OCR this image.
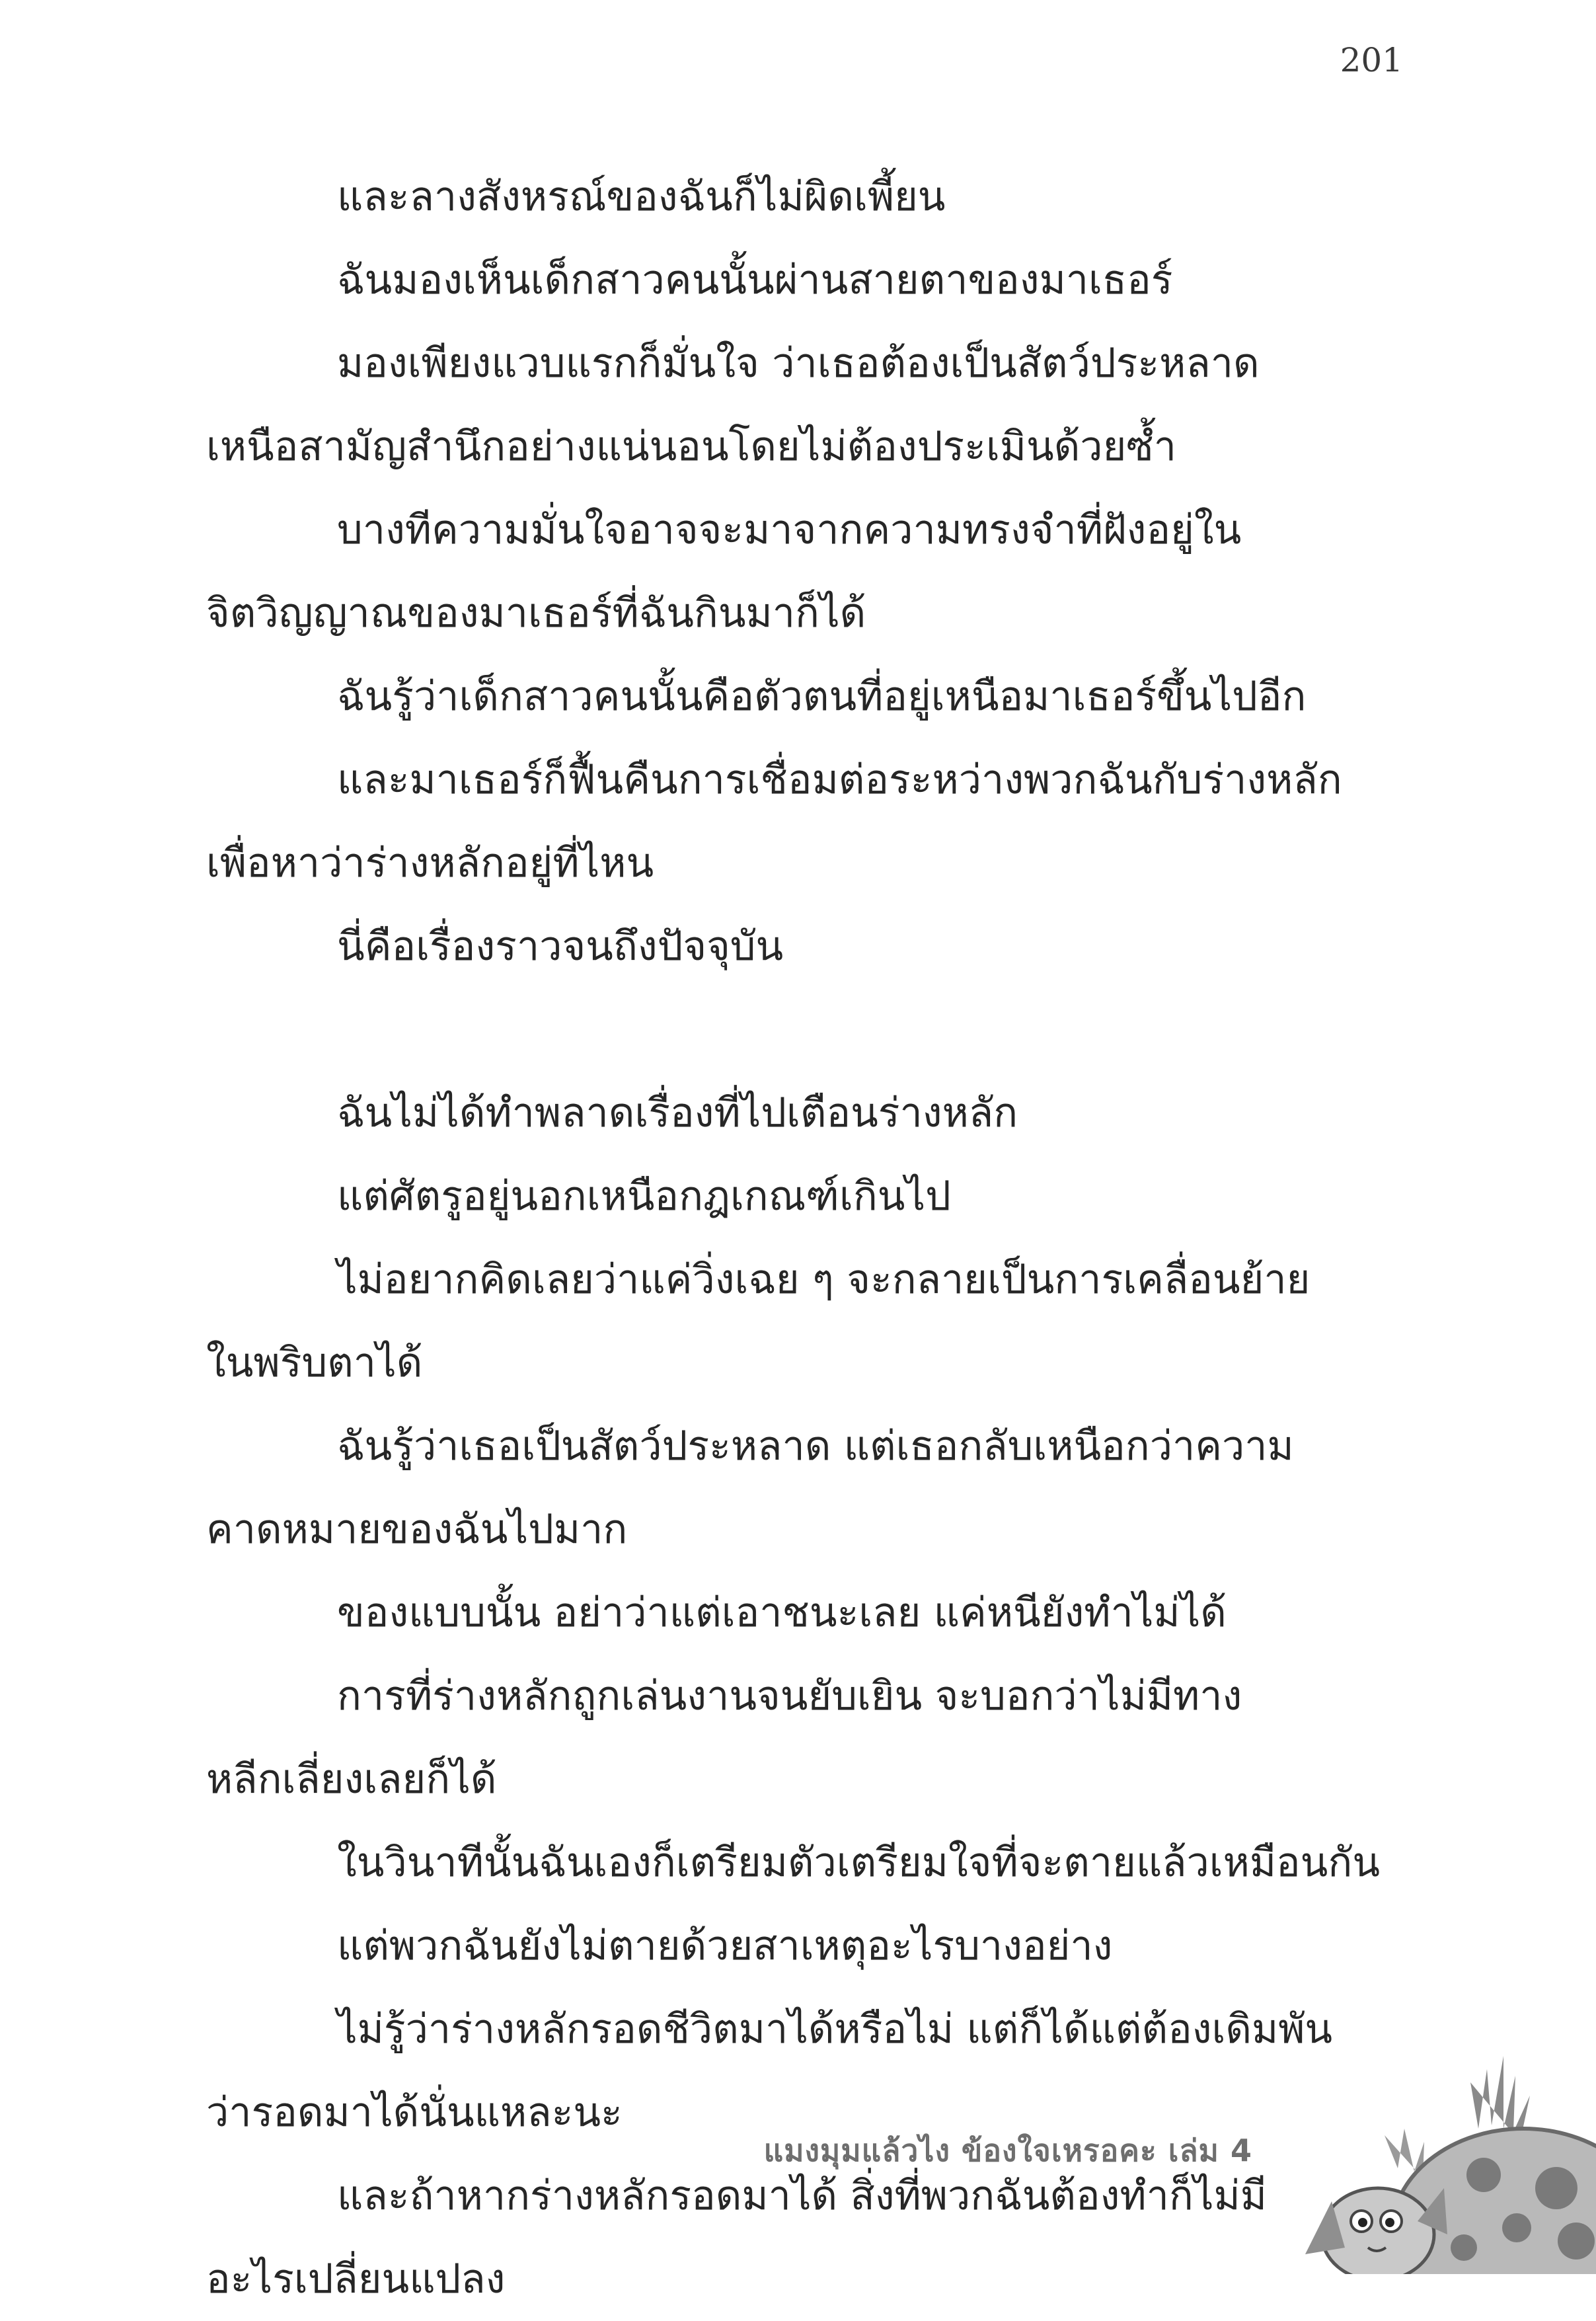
201
และลางสังหรณ์ของฉันก็ไม่ผิดเพี้ยน
ฉันมองเห็นเด็กสาวคนนั้นผ่านสายตาของมาเธอร์
มองเพียงแวบแรกก็มั่นใจ ว่าเธอต้องเป็นสัตว์ประหลาด
เหนือสามัญสำนึกอย่างแน่นอนโดยไม่ต้องประเมินด้วยซ้ำ
บางทีความมั่นใจอาจจะมาจากความทรงจำที่ฝังอยู่ใน
จิตวิญญาณของมาเธอร์ที่ฉันกินมาก็ได้
ฉันรู้ว่าเด็กสาวคนนั้นคือตัวตนที่อยู่เหนือมาเธอร์ขึ้นไปอีก
และมาเธอร์ก็ฟื้นคืนการเชื่อมต่อระหว่างพวกฉันกับร่างหลัก
เพื่อหาว่าร่างหลักอยู่ที่ไหน
นี่คือเรื่องราวจนถึงปัจจุบัน
ฉันไม่ได้ทำพลาดเรื่องที่ไปเตือนร่างหลัก
แต่ศัตรูอยู่นอกเหนือกฎเกณฑ์เกินไป
ไม่อยากคิดเลยว่าแค่วิ่งเฉย ๆ จะกลายเป็นการเคลื่อนย้าย
ในพริบตาได้
ฉันรู้ว่าเธอเป็นสัตว์ประหลาด แต่เธอกลับเหนือกว่าความ
คาดหมายของฉันไปมาก
ของแบบนั้น อย่าว่าแต่เอาชนะเลย แค่หนียังทำไม่ได้
การที่ร่างหลักถูกเล่นงานจนยับเยิน จะบอกว่าไม่มีทาง
หลีกเลี่ยงเลยก็ได้
ในวินาทีนั้นฉันเองก็เตรียมตัวเตรียมใจที่จะตายแล้วเหมือนกัน
แต่พวกฉันยังไม่ตายด้วยสาเหตุอะไรบางอย่าง
ไม่รู้ว่าร่างหลักรอดชีวิตมาได้หรือไม่ แต่ก็ได้แต่ต้องเดิมพัน
ว่ารอดมาได้นั่นแหละนะ
และถ้าหากร่างหลักรอดมาได้ สิ่งที่พวกฉันต้องทำก็ไม่มี
อะไรเปลี่ยนแปลง
แมงมุมแล้วไง ข้องใจเหรอคะ เล่ม 4
